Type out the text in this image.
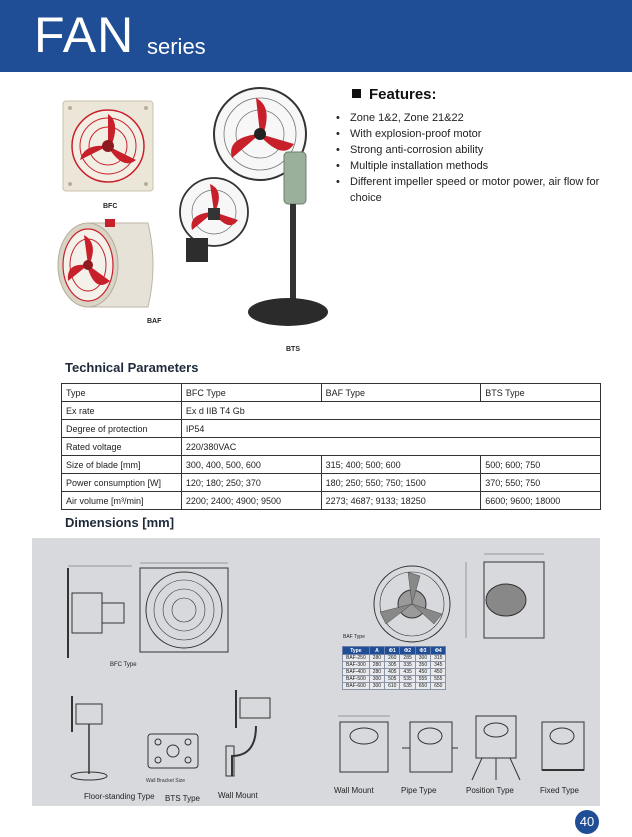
FAN series
BFC
BAF
BTS
Features:
• Zone 1&2, Zone 21&22
• With explosion-proof motor
• Strong anti-corrosion ability
• Multiple installation methods
• Different impeller speed or motor power, air flow for choice
Technical Parameters
Type	BFC Type	BAF Type	BTS Type
Ex rate	Ex d IIB T4 Gb		
Degree of protection	IP54		
Rated voltage	220/380VAC		
Size of blade [mm]	300, 400, 500, 600	315; 400; 500; 600	500; 600; 750
Power consumption [W]	120; 180; 250; 370	180; 250; 550; 750; 1500	370; 550; 750
Air volume [m³/min]	2200; 2400; 4900; 9500	2273; 4687; 9133; 18250	6600; 9600; 18000
Dimensions [mm]
BFC Type
BAF Type
Wall Bracket Size
Floor-standing Type BTS Type Wall Mount
Wall Mount	Pipe Type	Position Type	Fixed Type
Type	A	Φ1	Φ2	Φ3	Φ4
BAF-250	280	260	285	300	315
BAF-300	280	305	335	350	345
BAF-400	280	405	435	450	450
BAF-500	300	505	535	555	555
BAF-600	300	610	635	650	650
40
